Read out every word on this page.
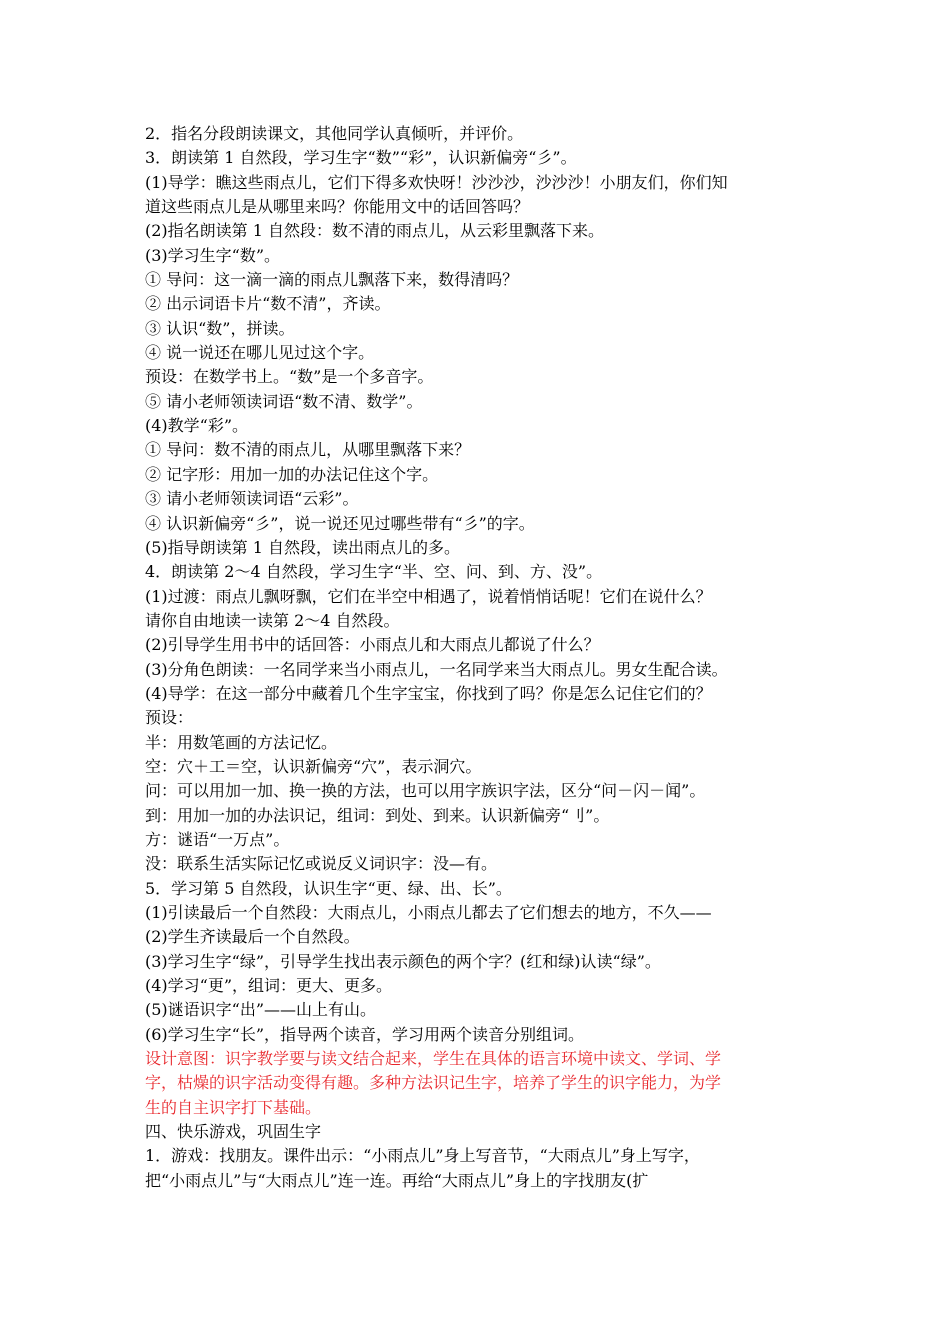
2．指名分段朗读课文，其他同学认真倾听，并评价。
3．朗读第 1 自然段，学习生字“数”“彩”，认识新偏旁“彡”。
(1)导学：瞧这些雨点儿，它们下得多欢快呀！沙沙沙，沙沙沙！小朋友们，你们知
道这些雨点儿是从哪里来吗？你能用文中的话回答吗？
(2)指名朗读第 1 自然段：数不清的雨点儿，从云彩里飘落下来。
(3)学习生字“数”。
① 导问：这一滴一滴的雨点儿飘落下来，数得清吗？
② 出示词语卡片“数不清”，齐读。
③ 认识“数”，拼读。
④ 说一说还在哪儿见过这个字。
预设：在数学书上。“数”是一个多音字。
⑤ 请小老师领读词语“数不清、数学”。
(4)教学“彩”。
① 导问：数不清的雨点儿，从哪里飘落下来？
② 记字形：用加一加的办法记住这个字。
③ 请小老师领读词语“云彩”。
④ 认识新偏旁“彡”，说一说还见过哪些带有“彡”的字。
(5)指导朗读第 1 自然段，读出雨点儿的多。
4．朗读第 2～4 自然段，学习生字“半、空、问、到、方、没”。
(1)过渡：雨点儿飘呀飘，它们在半空中相遇了，说着悄悄话呢！它们在说什么？
请你自由地读一读第 2～4 自然段。
(2)引导学生用书中的话回答：小雨点儿和大雨点儿都说了什么？
(3)分角色朗读：一名同学来当小雨点儿，一名同学来当大雨点儿。男女生配合读。
(4)导学：在这一部分中藏着几个生字宝宝，你找到了吗？你是怎么记住它们的？
预设：
半：用数笔画的方法记忆。
空：穴＋工＝空，认识新偏旁“穴”，表示洞穴。
问：可以用加一加、换一换的方法，也可以用字族识字法，区分“问－闪－闻”。
到：用加一加的办法识记，组词：到处、到来。认识新偏旁“刂”。
方：谜语“一万点”。
没：联系生活实际记忆或说反义词识字：没—有。
5．学习第 5 自然段，认识生字“更、绿、出、长”。
(1)引读最后一个自然段：大雨点儿，小雨点儿都去了它们想去的地方，不久——
(2)学生齐读最后一个自然段。
(3)学习生字“绿”，引导学生找出表示颜色的两个字？(红和绿)认读“绿”。
(4)学习“更”，组词：更大、更多。
(5)谜语识字“出”——山上有山。
(6)学习生字“长”，指导两个读音，学习用两个读音分别组词。
设计意图：识字教学要与读文结合起来，学生在具体的语言环境中读文、学词、学
字，枯燥的识字活动变得有趣。多种方法识记生字，培养了学生的识字能力，为学
生的自主识字打下基础。
四、快乐游戏，巩固生字
1．游戏：找朋友。课件出示：“小雨点儿”身上写音节，“大雨点儿”身上写字，
把“小雨点儿”与“大雨点儿”连一连。再给“大雨点儿”身上的字找朋友(扩
